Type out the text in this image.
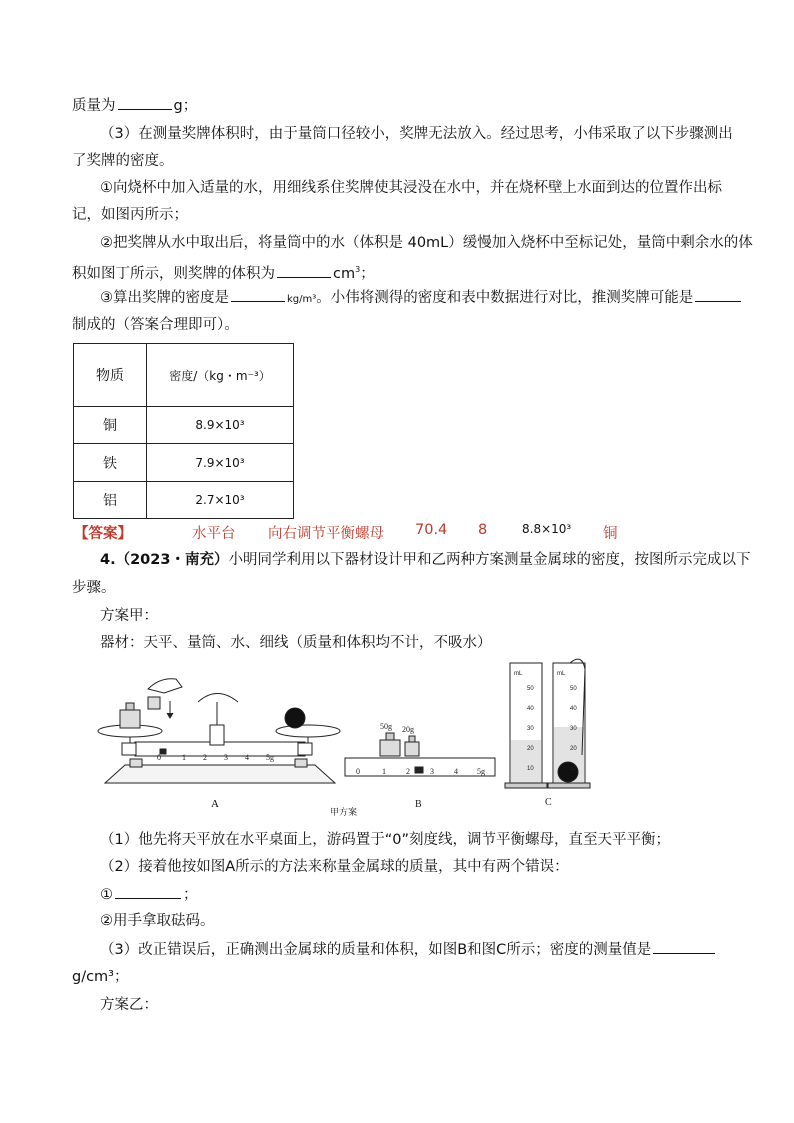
质量为	g；
（3）在测量奖牌体积时，由于量筒口径较小，奖牌无法放入。经过思考，小伟采取了以下步骤测出
了奖牌的密度。
①向烧杯中加入适量的水，用细线系住奖牌使其浸没在水中，并在烧杯壁上水面到达的位置作出标
记，如图丙所示；
②把奖牌从水中取出后，将量筒中的水（体积是 40mL）缓慢加入烧杯中至标记处，量筒中剩余水的体
积如图丁所示，则奖牌的体积为	$cm^3$；
③算出奖牌的密度是	kg/m³。小伟将测得的密度和表中数据进行对比，推测奖牌可能是
制成的（答案合理即可）。
物质	密度/（kg・m⁻³）
铜	8.9×10³
铁	7.9×10³
铝	2.7×10³
【答案】	水平台 向右调节平衡螺母 70.4 8	8.8×10³ 铜
4.（2023・南充）小明同学利用以下器材设计甲和乙两种方案测量金属球的密度，按图所示完成以下
步骤。
方案甲：
器材：天平、量筒、水、细线（质量和体积均不计，不吸水）
0	1 2 3 4 5g
A
50g 20g
0	1	2	3	4 5g
B
mL
50
40
30
20
10
mL
50
40
30
20
10
C
甲方案
（1）他先将天平放在水平桌面上，游码置于“0”刻度线，调节平衡螺母，直至天平平衡；
（2）接着他按如图A所示的方法来称量金属球的质量，其中有两个错误：
①	；
②用手拿取砝码。
（3）改正错误后，正确测出金属球的质量和体积，如图B和图C所示；密度的测量值是
g/cm³；
方案乙：
